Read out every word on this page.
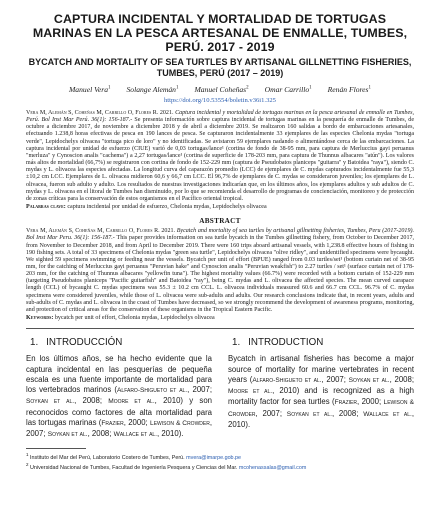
CAPTURA INCIDENTAL Y MORTALIDAD DE TORTUGAS MARINAS EN LA PESCA ARTESANAL DE ENMALLE, TUMBES, PERÚ. 2017 - 2019
BYCATCH AND MORTALITY OF SEA TURTLES BY ARTISANAL GILLNETTING FISHERIES, TUMBES, PERÚ (2017 – 2019)
Manuel Vera$^1$ Solange Alemán$^1$ Manuel Coheñas$^2$ Omar Carrillo$^1$ Renán Flores$^1$
https://doi.org/10.53554/boletin.v36i1.325

Vera M, Alemán S, Coheñas M, Carrillo O, Flores R. 2021. Captura incidental y mortalidad de tortugas marinas en la pesca artesanal de enmalle en Tumbes, Perú. Bol Inst Mar Perú. 36(1): 156-187.- Se presenta información sobre captura incidental de tortugas marinas en la pesquería de enmalle de Tumbes, de octubre a diciembre 2017, de noviembre a diciembre 2018 y de abril a diciembre 2019. Se realizaron 160 salidas a bordo de embarcaciones artesanales, efectuando 1.238,8 horas efectivas de pesca en 190 lances de pesca. Se capturaron incidentalmente 33 ejemplares de las especies Chelonia mydas "tortuga verde", Lepidochelys olivacea "tortuga pico de loro" y no identificadas. Se avistaron 59 ejemplares nadando o alimentándose cerca de las embarcaciones. La captura incidental por unidad de esfuerzo (CIUE) varió de 0,03 tortugas/lance¹ (cortina de fondo de 38-95 mm, para captura de Merluccius gayi peruanus "merluza" y Cynoscion analis "cachema") a 2,27 tortugas/lance¹ (cortina de superficie de 178-203 mm, para captura de Thunnus albacares "atún"). Los valores más altos de mortalidad (66,7%) se registraron con cortina de fondo de 152-229 mm (captura de Pseudobatos planiceps "guitarra" y Batoidea "raya"), siendo C. mydas y L. olivacea las especies afectadas. La longitud curva del caparazón promedio (LCC) de ejemplares de C. mydas capturados incidentalmente fue 55,3 ±10,2 cm LCC. Ejemplares de L. olivacea midieron 60,6 y 66,7 cm LCC. El 96,7% de ejemplares de C. mydas se consideraron juveniles; los ejemplares de L. olivacea, fueron sub adulto y adulto. Los resultados de nuestras investigaciones indicarían que, en los últimos años, los ejemplares adultos y sub adultos de C. mydas y L. olivacea en el litoral de Tumbes han disminuido, por lo que se recomienda el desarrollo de programas de concienciación, monitoreo y de protección de zonas críticas para la conservación de estos organismos en el Pacífico oriental tropical.

Palabras clave: captura incidental por unidad de esfuerzo, Chelonia mydas, Lepidochelys olivacea

ABSTRACT

Vera M, Alemán S, Coheñas M, Carrillo O, Flores R. 2021. Bycatch and mortality of sea turtles by artisanal gillnetting fisheries, Tumbes, Peru (2017-2019). Bol Inst Mar Peru. 36(1): 156-187.- This paper provides information on sea turtle bycatch in the Tumbes gillnetting fishery, from October to December 2017, from November to December 2018, and from April to December 2019. There were 160 trips aboard artisanal vessels, with 1,238.8 effective hours of fishing in 190 fishing sets. A total of 33 specimens of Chelonia mydas "green sea turtle", Lepidochelys olivacea "olive ridley", and unidentified specimens were bycaught. We sighted 59 specimens swimming or feeding near the vessels. Bycatch per unit of effort (BPUE) ranged from 0.03 turtles/set¹ (bottom curtain net of 38-95 mm, for the catching of Merluccius gayi peruanus "Peruvian hake" and Cynoscion analis "Peruvian weakfish") to 2.27 turtles / set¹ (surface curtain net of 178-203 mm, for the catching of Thunnus albacares "yellowfin tuna"). The highest mortality values (66.7%) were recorded with a bottom curtain of 152-229 mm (targeting Pseudobatos planiceps "Pacific guitarfish" and Batoidea "ray"), being C. mydas and L. olivacea the affected species. The mean curved carapace length (CCL) of bycaught C. mydas specimens was 55.3 ± 10.2 cm CCL. L. olivacea individuals measured 60.6 and 66.7 cm CCL. 96.7% of C. mydas specimens were considered juveniles, while those of L. olivacea were sub-adults and adults. Our research conclusions indicate that, in recent years, adults and sub-adults of C. mydas and L. olivacea in the coast of Tumbes have decreased, so we strongly recommend the development of awareness programs, monitoring, and protection of critical areas for the conservation of these organisms in the Tropical Eastern Pacific.

Keywords: bycatch per unit of effort, Chelonia mydas, Lepidochelys olivacea

1. INTRODUCCIÓN

En los últimos años, se ha hecho evidente que la captura incidental en las pesquerías de pequeña escala es una fuente importante de mortalidad para los vertebrados marinos (Alfaro-Shigueto et al., 2007; Soykan et al., 2008; Moore et al., 2010) y son reconocidos como factores de alta mortalidad para las tortugas marinas (Frazier, 2000; Lewison & Crowder, 2007; Soykan et al., 2008; Wallace et al., 2010).

1. INTRODUCTION

Bycatch in artisanal fisheries has become a major source of mortality for marine vertebrates in recent years (Alfaro-Shigueto et al., 2007; Soykan et al., 2008; Moore et al., 2010) and is recognized as a high mortality factor for sea turtles (Frazier, 2000; Lewison & Crowder, 2007; Soykan et al., 2008; Wallace et al., 2010).

$^1$ Instituto del Mar del Perú, Laboratorio Costero de Tumbes, Perú. mvera@imarpe.gob.pe
$^2$ Universidad Nacional de Tumbes, Facultad de Ingeniería Pesquera y Ciencias del Mar. mcohenassalas@gmail.com
